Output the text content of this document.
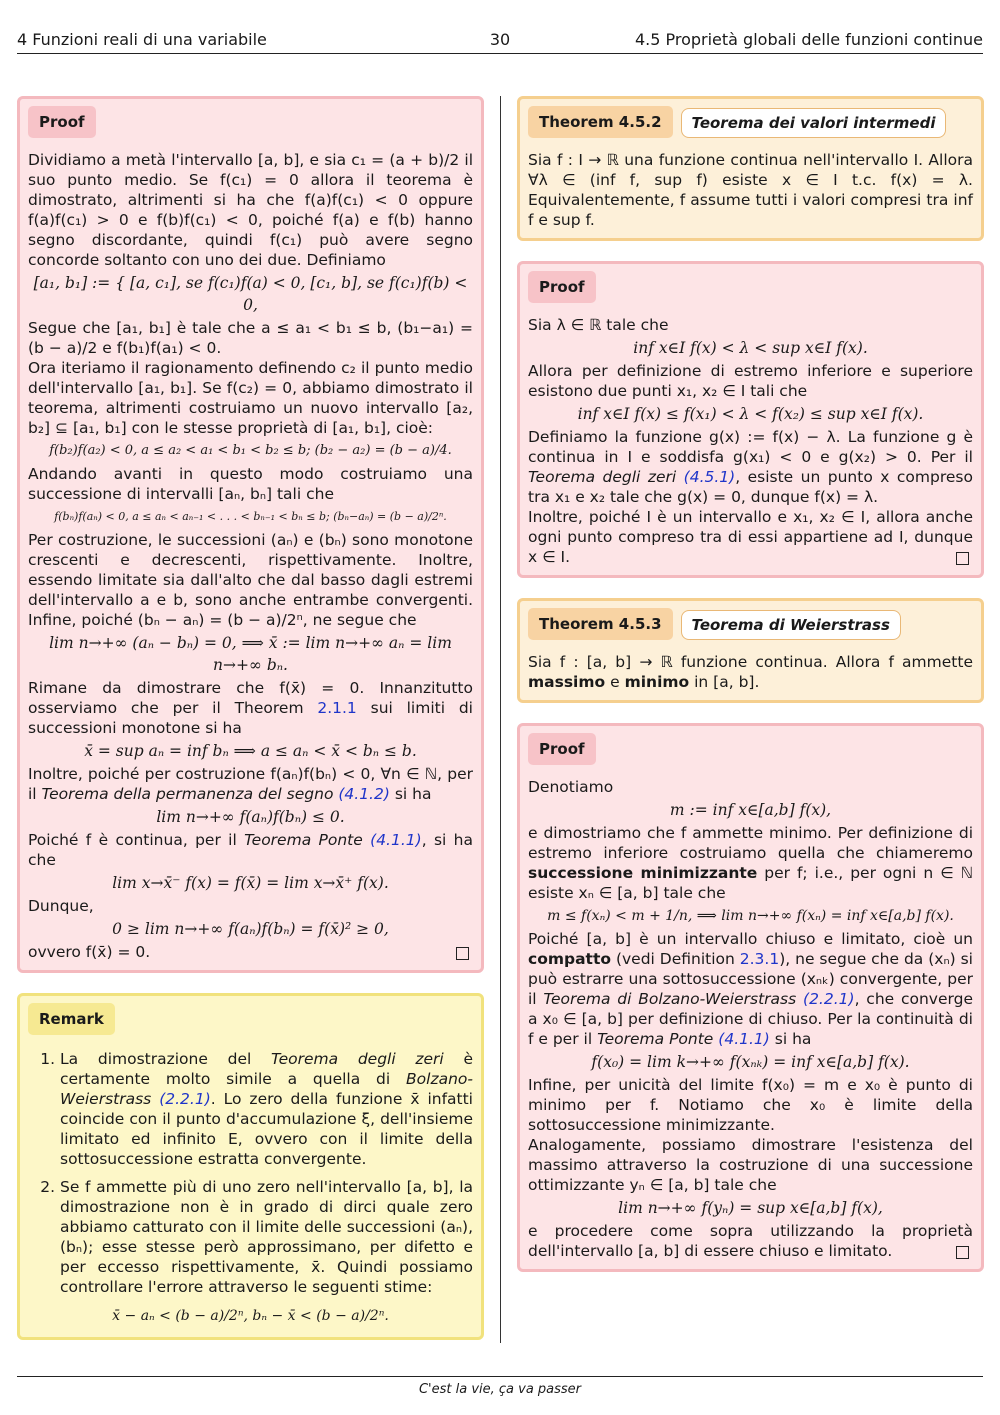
4 Funzioni reali di una variabile	30	4.5 Proprietà globali delle funzioni continue
Proof

Dividiamo a metà l'intervallo [a, b], e sia c₁ = (a + b)/2 il suo punto medio. Se f(c₁) = 0 allora il teorema è dimostrato, altrimenti si ha che f(a)f(c₁) < 0 oppure f(a)f(c₁) > 0 e f(b)f(c₁) < 0, poiché f(a) e f(b) hanno segno discordante, quindi f(c₁) può avere segno concorde soltanto con uno dei due. Definiamo

[a₁, b₁] := { [a, c₁], se f(c₁)f(a) < 0, [c₁, b], se f(c₁)f(b) < 0,

Segue che [a₁, b₁] è tale che a ≤ a₁ < b₁ ≤ b, (b₁−a₁) = (b − a)/2 e f(b₁)f(a₁) < 0.

Ora iteriamo il ragionamento definendo c₂ il punto medio dell'intervallo [a₁, b₁]. Se f(c₂) = 0, abbiamo dimostrato il teorema, altrimenti costruiamo un nuovo intervallo [a₂, b₂] ⊆ [a₁, b₁] con le stesse proprietà di [a₁, b₁], cioè:

f(b₂)f(a₂) < 0, a ≤ a₂ < a₁ < b₁ < b₂ ≤ b; (b₂ − a₂) = (b − a)/4.

Andando avanti in questo modo costruiamo una successione di intervalli [aₙ, bₙ] tali che

f(bₙ)f(aₙ) < 0, a ≤ aₙ < aₙ₋₁ < . . . < bₙ₋₁ < bₙ ≤ b; (bₙ−aₙ) = (b − a)/2ⁿ.

Per costruzione, le successioni (aₙ) e (bₙ) sono monotone crescenti e decrescenti, rispettivamente. Inoltre, essendo limitate sia dall'alto che dal basso dagli estremi dell'intervallo a e b, sono anche entrambe convergenti. Infine, poiché (bₙ − aₙ) = (b − a)/2ⁿ, ne segue che

lim n→+∞ (aₙ − bₙ) = 0, ⟹ x̄ := lim n→+∞ aₙ = lim n→+∞ bₙ.

Rimane da dimostrare che f(x̄) = 0. Innanzitutto osserviamo che per il Theorem 2.1.1 sui limiti di successioni monotone si ha

x̄ = sup aₙ = inf bₙ ⟹ a ≤ aₙ < x̄ < bₙ ≤ b.

Inoltre, poiché per costruzione f(aₙ)f(bₙ) < 0, ∀n ∈ ℕ, per il Teorema della permanenza del segno (4.1.2) si ha

lim n→+∞ f(aₙ)f(bₙ) ≤ 0.

Poiché f è continua, per il Teorema Ponte (4.1.1), si ha che

lim x→x̄⁻ f(x) = f(x̄) = lim x→x̄⁺ f(x).

Dunque,

0 ≥ lim n→+∞ f(aₙ)f(bₙ) = f(x̄)² ≥ 0,

ovvero f(x̄) = 0.

Remark
1. La dimostrazione del Teorema degli zeri è certamente molto simile a quella di Bolzano-Weierstrass (2.2.1). Lo zero della funzione x̄ infatti coincide con il punto d'accumulazione ξ, dell'insieme limitato ed infinito E, ovvero con il limite della sottosuccessione estratta convergente.
2. Se f ammette più di uno zero nell'intervallo [a, b], la dimostrazione non è in grado di dirci quale zero abbiamo catturato con il limite delle successioni (aₙ), (bₙ); esse stesse però approssimano, per difetto e per eccesso rispettivamente, x̄. Quindi possiamo controllare l'errore attraverso le seguenti stime:
x̄ − aₙ < (b − a)/2ⁿ, bₙ − x̄ < (b − a)/2ⁿ.
Theorem 4.5.2 Teorema dei valori intermedi
Sia f : I → ℝ una funzione continua nell'intervallo I. Allora ∀λ ∈ (inf f, sup f) esiste x ∈ I t.c. f(x) = λ. Equivalentemente, f assume tutti i valori compresi tra inf f e sup f.
Proof

Sia λ ∈ ℝ tale che

inf x∈I f(x) < λ < sup x∈I f(x).

Allora per definizione di estremo inferiore e superiore esistono due punti x₁, x₂ ∈ I tali che

inf x∈I f(x) ≤ f(x₁) < λ < f(x₂) ≤ sup x∈I f(x).

Definiamo la funzione g(x) := f(x) − λ. La funzione g è continua in I e soddisfa g(x₁) < 0 e g(x₂) > 0. Per il Teorema degli zeri (4.5.1), esiste un punto x compreso tra x₁ e x₂ tale che g(x) = 0, dunque f(x) = λ.

Inoltre, poiché I è un intervallo e x₁, x₂ ∈ I, allora anche ogni punto compreso tra di essi appartiene ad I, dunque x ∈ I.

Theorem 4.5.3 Teorema di Weierstrass
Sia f : [a, b] → ℝ funzione continua. Allora f ammette massimo e minimo in [a, b].
Proof

Denotiamo

m := inf x∈[a,b] f(x),

e dimostriamo che f ammette minimo. Per definizione di estremo inferiore costruiamo quella che chiameremo successione minimizzante per f; i.e., per ogni n ∈ ℕ esiste xₙ ∈ [a, b] tale che

m ≤ f(xₙ) < m + 1/n, ⟹ lim n→+∞ f(xₙ) = inf x∈[a,b] f(x).

Poiché [a, b] è un intervallo chiuso e limitato, cioè un compatto (vedi Definition 2.3.1), ne segue che da (xₙ) si può estrarre una sottosuccessione (xₙₖ) convergente, per il Teorema di Bolzano-Weierstrass (2.2.1), che converge a x₀ ∈ [a, b] per definizione di chiuso. Per la continuità di f e per il Teorema Ponte (4.1.1) si ha

f(x₀) = lim k→+∞ f(xₙₖ) = inf x∈[a,b] f(x).

Infine, per unicità del limite f(x₀) = m e x₀ è punto di minimo per f. Notiamo che x₀ è limite della sottosuccessione minimizzante.

Analogamente, possiamo dimostrare l'esistenza del massimo attraverso la costruzione di una successione ottimizzante yₙ ∈ [a, b] tale che

lim n→+∞ f(yₙ) = sup x∈[a,b] f(x),

e procedere come sopra utilizzando la proprietà dell'intervallo [a, b] di essere chiuso e limitato.

C'est la vie, ça va passer
